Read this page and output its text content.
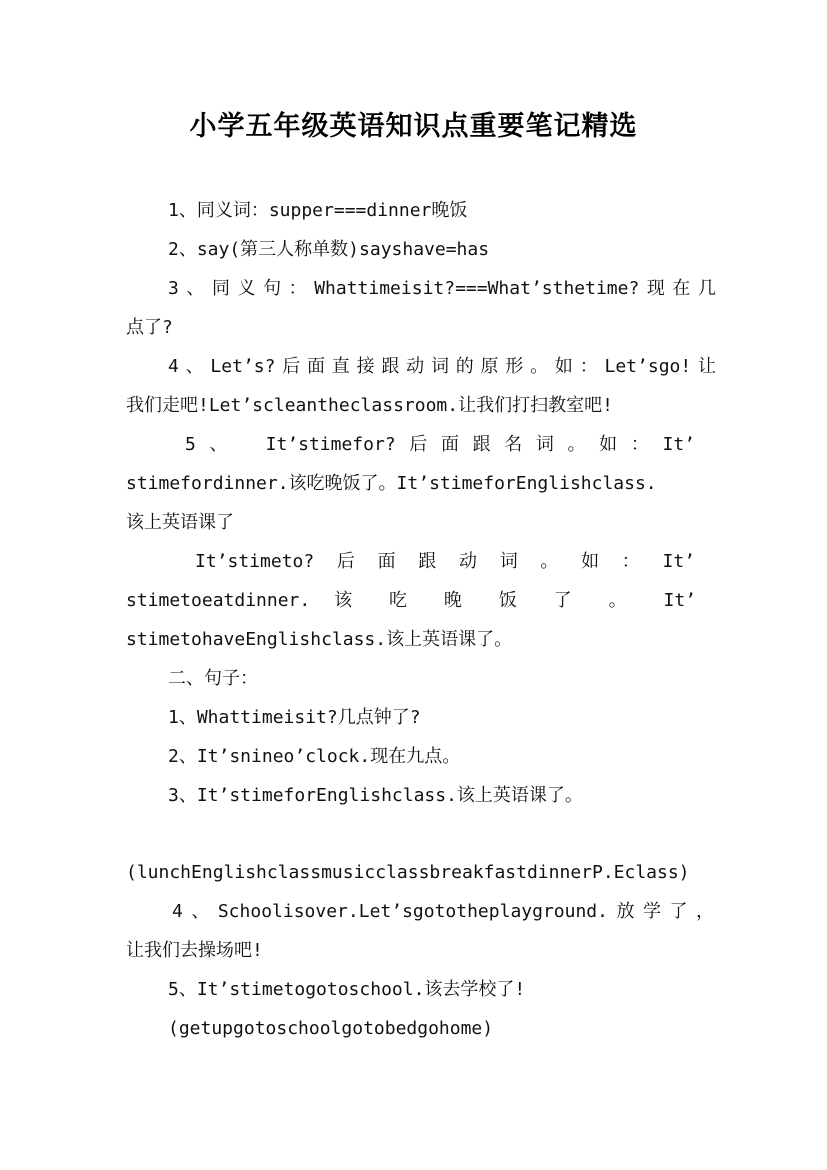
小学五年级英语知识点重要笔记精选
1、同义词：supper===dinner晚饭
2、say(第三人称单数)sayshave=has
3、同义句：Whattimeisit?===What’sthetime?现在几
点了?
4、Let’s?后面直接跟动词的原形。如：Let’sgo!让
我们走吧!Let’scleantheclassroom.让我们打扫教室吧!
5、 It’stimefor?后面跟名词。如：It’
stimefordinner.该吃晚饭了。It’stimeforEnglishclass.
该上英语课了
It’stimeto?后面跟动词。如：It’
stimetoeatdinner. 该 吃 晚 饭 了 。 It’
stimetohaveEnglishclass.该上英语课了。
二、句子：
1、Whattimeisit?几点钟了?
2、It’snineo’clock.现在九点。
3、It’stimeforEnglishclass.该上英语课了。
(lunchEnglishclassmusicclassbreakfastdinnerP.Eclass)
4、Schoolisover.Let’sgototheplayground.放学了，
让我们去操场吧!
5、It’stimetogotoschool.该去学校了!
(getupgotoschoolgotobedgohome)
